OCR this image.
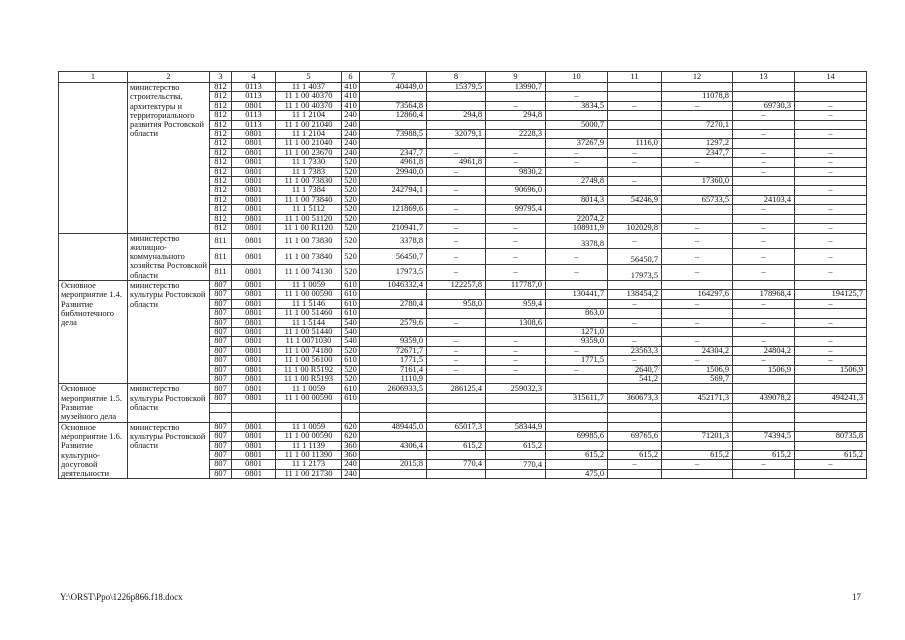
1	2	3	4	5	6	7	8	9	10	11	12	13	14
	министерство строительства, архитектуры и территориального развития Ростовской области	812	0113	11 1 4037	410	40449,0	15379,5	13990,7					
		812	0113	11 1 00 40370	410				–		11078,8		
		812	0801	11 1 00 40370	410	73564,8		–	3834,5	–	–	69730,3	–
		812	0113	11 1 2104	240	12860,4	294,8	294,8				–	–
		812	0113	11 1 00 21040	240				5000,7		7270,1		
		812	0801	11 1 2104	240	73988,5	32079,1	2228,3				–	–
		812	0801	11 1 00 21040	240				37267,9	1116,0	1297,2		
		812	0801	11 1 00 23670	240	2347,7	–	–	–	–	2347,7	–	–
		812	0801	11 1 7330	520	4961,8	4961,8	–	–	–	–	–	–
		812	0801	11 1 7383	520	29940,0	–	9830,2				–	–
		812	0801	11 1 00 73830	520				2749,8	–	17360,0		
		812	0801	11 1 7384	520	242794,1	–	90696,0					–
		812	0801	11 1 00 73840	520				8014,3	54246,9	65733,5	24103,4	
		812	0801	11 1 5112	520	121869,6	–	99795,4				–	–
		812	0801	11 1 00 51120	520				22074,2				
		812	0801	11 1 00 R1120	520	210941,7	–	–	108911,9	102029,8	–	–	–
	министерство жилищно-коммунального хозяйства Ростовской области	811	0801	11 1 00 73830	520	3378,8	–	–	3378,8	–	–	–	–
		811	0801	11 1 00 73840	520	56450,7	–	–	–	56450,7	–	–	–
		811	0801	11 1 00 74130	520	17973,5	–	–	–	17973,5	–	–	–
Основное мероприятие 1.4. Развитие библиотечного дела	министерство культуры Ростовской области	807	0801	11 1 0059	610	1046332,4	122257,8	117787,0					
		807	0801	11 1 00 00590	610				130441,7	138454,2	164297,6	178968,4	194125,7
		807	0801	11 1 5146	610	2780,4	958,0	959,4		–	–	–	–
		807	0801	11 1 00 51460	610				863,0				
		807	0801	11 1 5144	540	2579,6	–	1308,6		–	–	–	–
		807	0801	11 1 00 51440	540				1271,0				
		807	0801	11 1 0071030	540	9359,0	–	–	9359,0	–	–	–	–
		807	0801	11 1 00 74180	520	72671,7	–	–	–	23563,3	24304,2	24804,2	–
		807	0801	11 1 00 56100	610	1771,5	–	–	1771,5	–	–	–	–
		807	0801	11 1 00 R5192	520	7161,4	–	–	–	2640,7	1506,9	1506,9	1506,9
		807	0801	11 1 00 R5193	520	1110,9				541,2	569,7		
Основное мероприятие 1.5. Развитие музейного дела	министерство культуры Ростовской области	807	0801	11 1 0059	610	2606933,5	286125,4	259032,3					
		807	0801	11 1 00 00590	610				315611,7	360673,3	452171,3	439078,2	494241,3

Основное мероприятие 1.6. Развитие культурно-досуговой деятельности	министерство культуры Ростовской области	807	0801	11 1 0059	620	489445,0	65017,3	58344,9					
		807	0801	11 1 00 00590	620				69985,6	69765,6	71201,3	74394,5	80735,8
		807	0801	11 1 1139	360	4306,4	615,2	615,2					
		807	0801	11 1 00 11390	360				615,2	615,2	615,2	615,2	615,2
		807	0801	11 1 2173	240	2015,8	770,4	770,4		–	–	–	–
		807	0801	11 1 00 21730	240				475,0				
Y:\ORST\Ppo\1226p866.f18.docx	17
